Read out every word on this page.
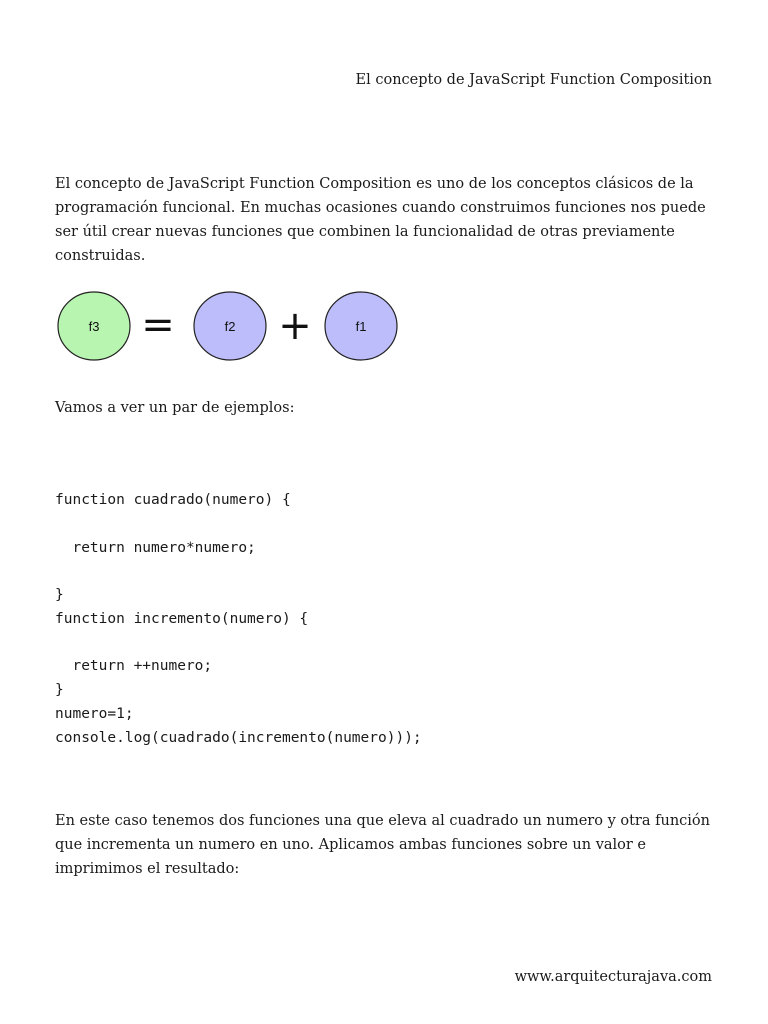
El concepto de JavaScript Function Composition

El concepto de JavaScript Function Composition es uno de los conceptos clásicos de la programación funcional. En muchas ocasiones cuando construimos funciones nos puede ser útil crear nuevas funciones que combinen la funcionalidad de otras previamente construidas.

f3 =	f2 +	f1

Vamos a ver un par de ejemplos:

function cuadrado(numero) {
return numero*numero;
}
function incremento(numero) {
return ++numero;
}
numero=1;
console.log(cuadrado(incremento(numero)));

En este caso tenemos dos funciones una que eleva al cuadrado un numero y otra función que incrementa un numero en uno. Aplicamos ambas funciones sobre un valor e imprimimos el resultado:

www.arquitecturajava.com
